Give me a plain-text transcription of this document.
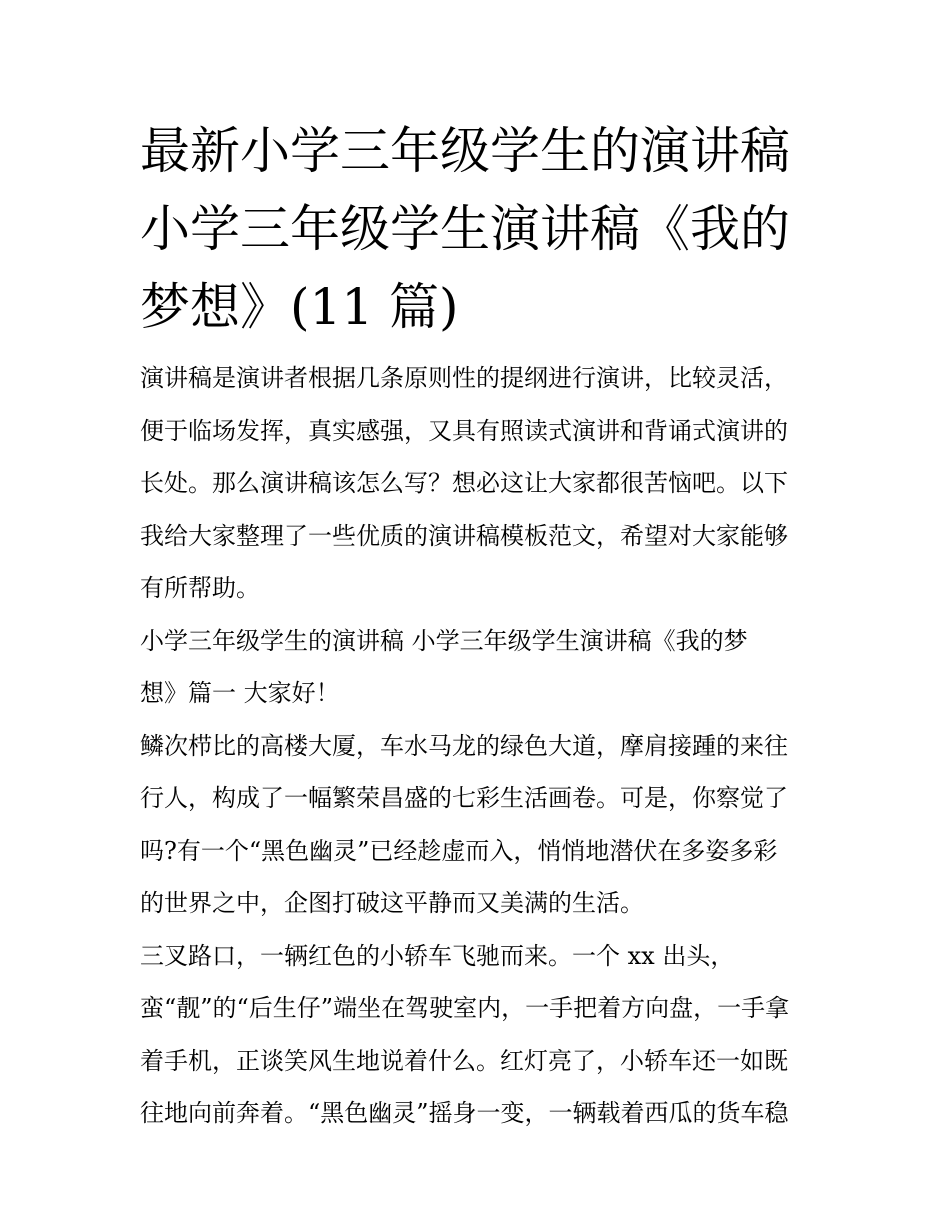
最新小学三年级学生的演讲稿
小学三年级学生演讲稿《我的
梦想》(11 篇)
演讲稿是演讲者根据几条原则性的提纲进行演讲，比较灵活，
便于临场发挥，真实感强，又具有照读式演讲和背诵式演讲的
长处。那么演讲稿该怎么写？想必这让大家都很苦恼吧。以下
我给大家整理了一些优质的演讲稿模板范文，希望对大家能够
有所帮助。
小学三年级学生的演讲稿 小学三年级学生演讲稿《我的梦
想》篇一 大家好！
鳞次栉比的高楼大厦，车水马龙的绿色大道，摩肩接踵的来往
行人，构成了一幅繁荣昌盛的七彩生活画卷。可是，你察觉了
吗?有一个“黑色幽灵”已经趁虚而入，悄悄地潜伏在多姿多彩
的世界之中，企图打破这平静而又美满的生活。
三叉路口，一辆红色的小轿车飞驰而来。一个 xx 出头，
蛮“靓”的“后生仔”端坐在驾驶室内，一手把着方向盘，一手拿
着手机，正谈笑风生地说着什么。红灯亮了，小轿车还一如既
往地向前奔着。“黑色幽灵”摇身一变，一辆载着西瓜的货车稳
